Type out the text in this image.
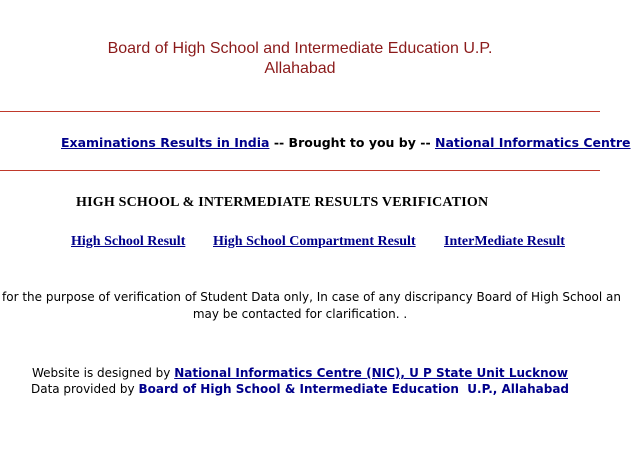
Board of High School and Intermediate Education U.P.
Allahabad
Examinations Results in India -- Brought to you by -- National Informatics Centre
HIGH SCHOOL & INTERMEDIATE RESULTS VERIFICATION
High School Result High School Compartment Result InterMediate Result
for the purpose of verification of Student Data only, In case of any discripancy Board of High School an
may be contacted for clarification. .
Website is designed by National Informatics Centre (NIC), U P State Unit Lucknow
Data provided by Board of High School & Intermediate Education  U.P., Allahabad
